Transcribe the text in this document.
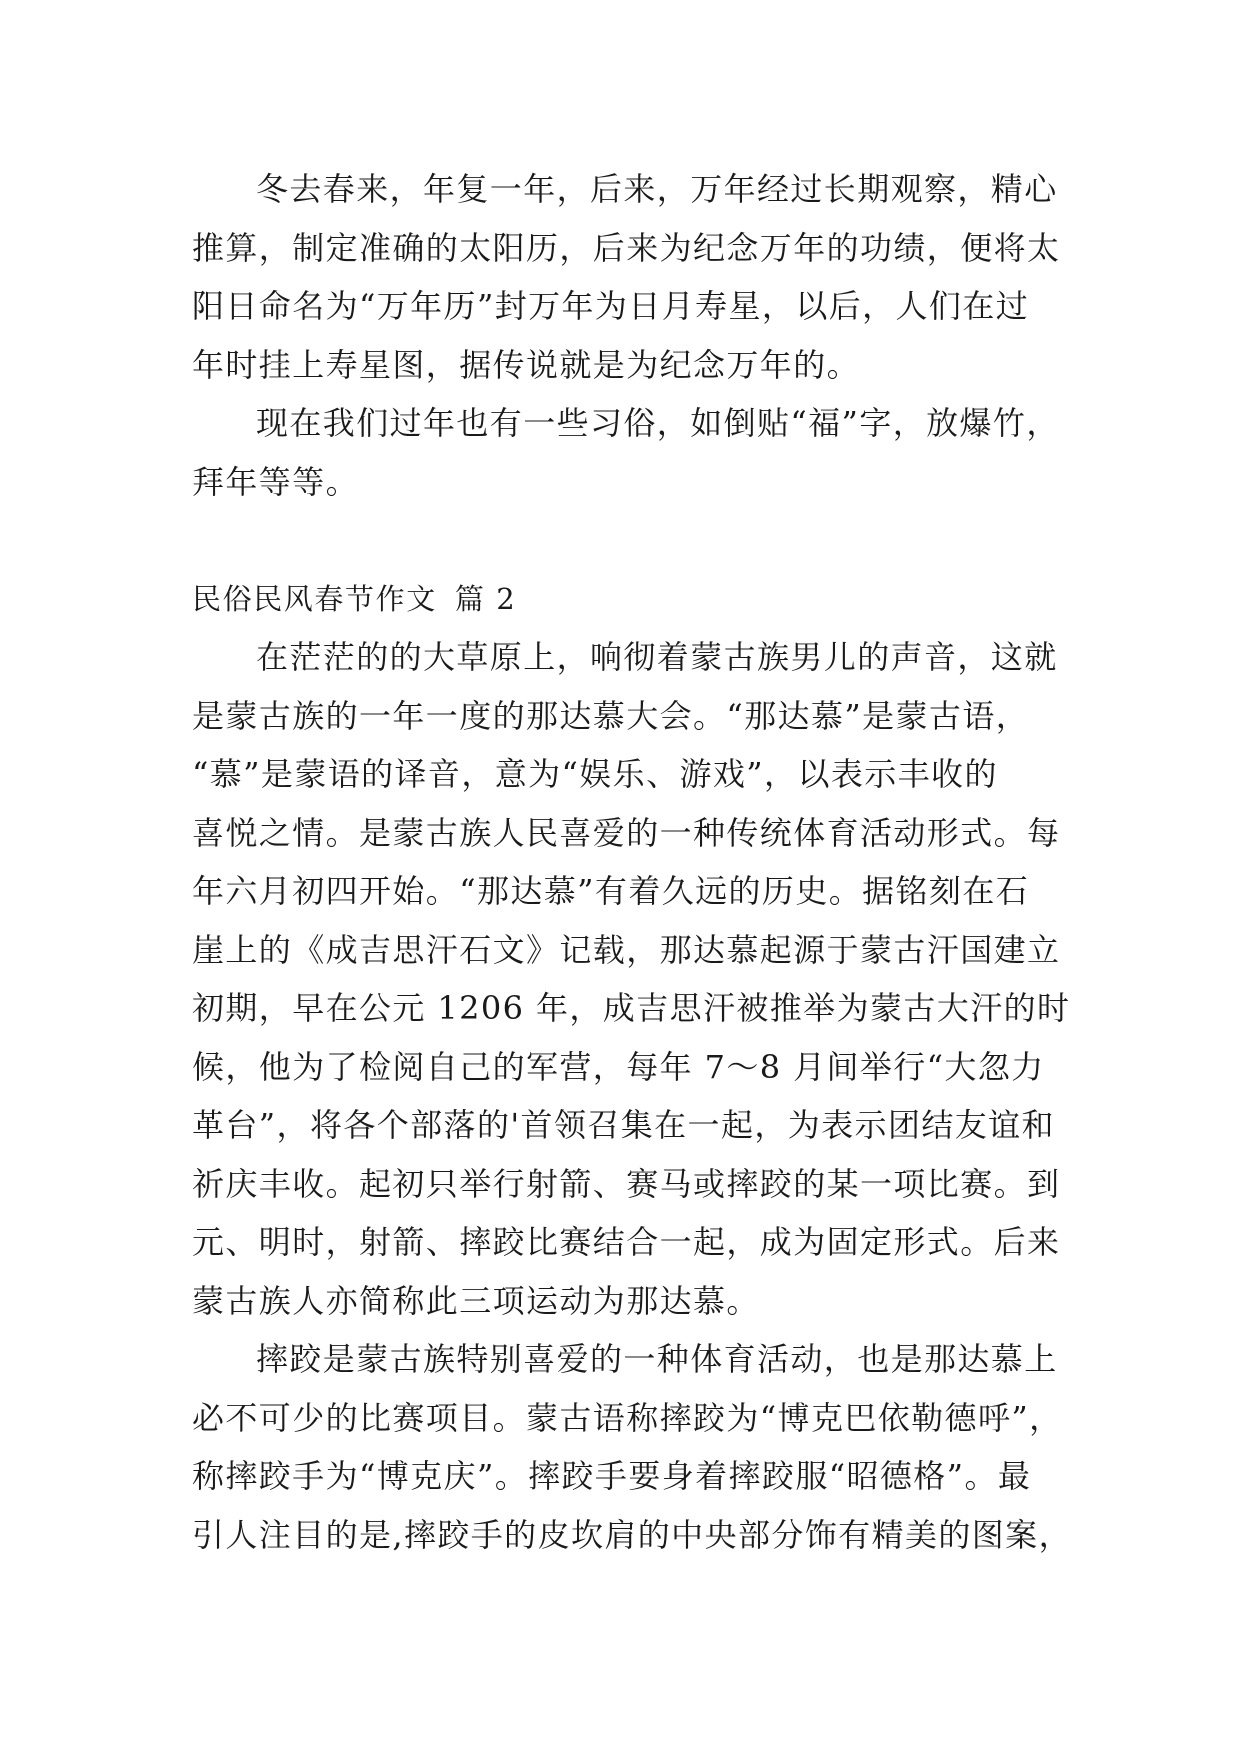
冬去春来，年复一年，后来，万年经过长期观察，精心
推算，制定准确的太阳历，后来为纪念万年的功绩，便将太
阳日命名为“万年历”封万年为日月寿星，以后，人们在过
年时挂上寿星图，据传说就是为纪念万年的。
现在我们过年也有一些习俗，如倒贴“福”字，放爆竹，
拜年等等。
民俗民风春节作文 篇 2
在茫茫的的大草原上，响彻着蒙古族男儿的声音，这就
是蒙古族的一年一度的那达慕大会。“那达慕”是蒙古语，
“慕”是蒙语的译音，意为“娱乐、游戏”，以表示丰收的
喜悦之情。是蒙古族人民喜爱的一种传统体育活动形式。每
年六月初四开始。“那达慕”有着久远的历史。据铭刻在石
崖上的《成吉思汗石文》记载，那达慕起源于蒙古汗国建立
初期，早在公元 1206 年，成吉思汗被推举为蒙古大汗的时
候，他为了检阅自己的军营，每年 7～8 月间举行“大忽力
革台”，将各个部落的'首领召集在一起，为表示团结友谊和
祈庆丰收。起初只举行射箭、赛马或摔跤的某一项比赛。到
元、明时，射箭、摔跤比赛结合一起，成为固定形式。后来
蒙古族人亦简称此三项运动为那达慕。
摔跤是蒙古族特别喜爱的一种体育活动，也是那达慕上
必不可少的比赛项目。蒙古语称摔跤为“博克巴依勒德呼”，
称摔跤手为“博克庆”。摔跤手要身着摔跤服“昭德格”。最
引人注目的是,摔跤手的皮坎肩的中央部分饰有精美的图案，
